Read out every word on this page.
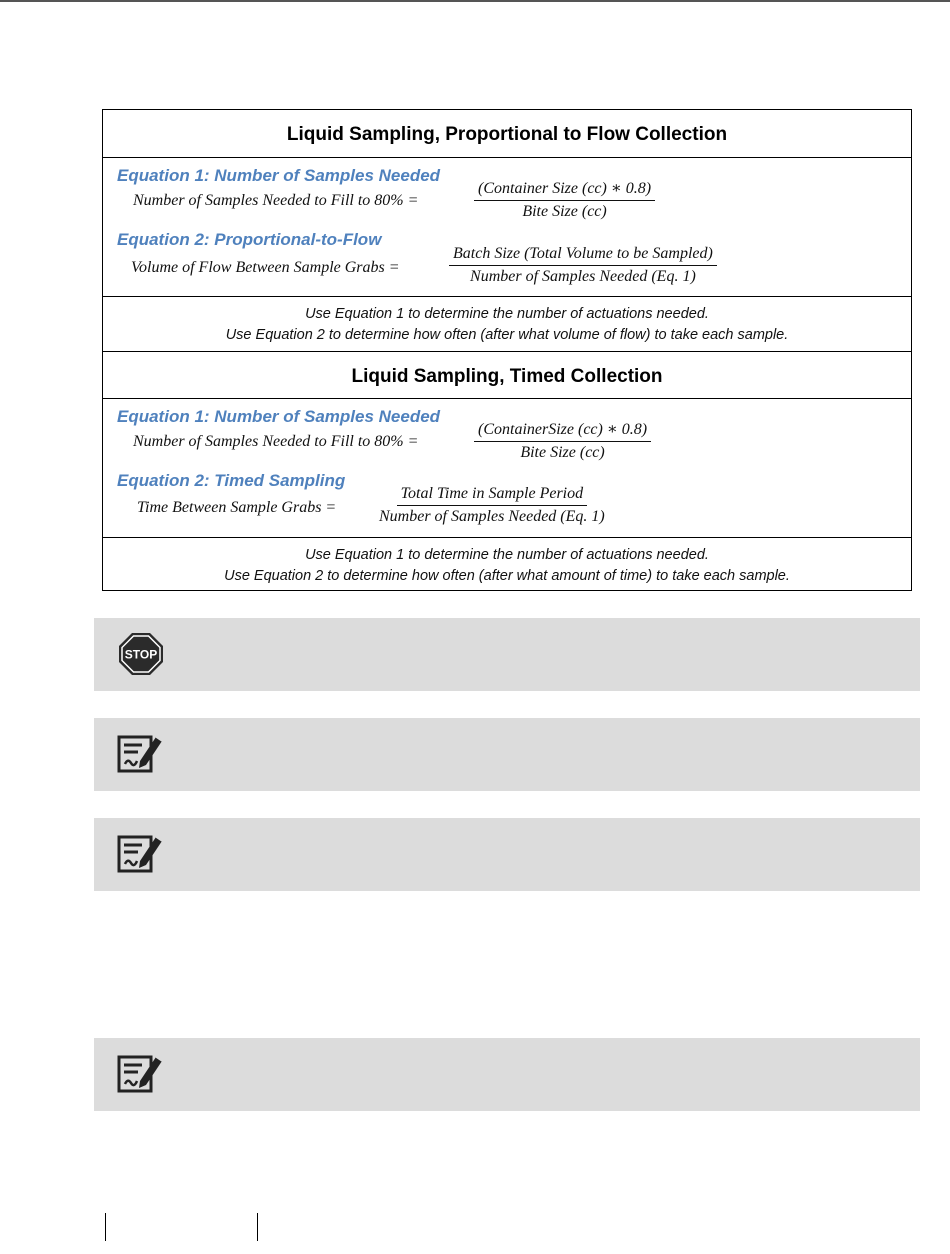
Liquid Sampling, Proportional to Flow Collection
Equation 1: Number of Samples Needed
Number of Samples Needed to Fill to 80% =
(Container Size (cc) ∗ 0.8)
Bite Size (cc)
Equation 2: Proportional-to-Flow
Volume of Flow Between Sample Grabs =
Batch Size (Total Volume to be Sampled)
Number of Samples Needed (Eq. 1)
Use Equation 1 to determine the number of actuations needed.
Use Equation 2 to determine how often (after what volume of flow) to take each sample.
Liquid Sampling, Timed Collection
Equation 1: Number of Samples Needed
Number of Samples Needed to Fill to 80% =
(ContainerSize (cc) ∗ 0.8)
Bite Size (cc)
Equation 2: Timed Sampling
Time Between Sample Grabs =
Total Time in Sample Period
Number of Samples Needed (Eq. 1)
Use Equation 1 to determine the number of actuations needed.
Use Equation 2 to determine how often (after what amount of time) to take each sample.
STOP
